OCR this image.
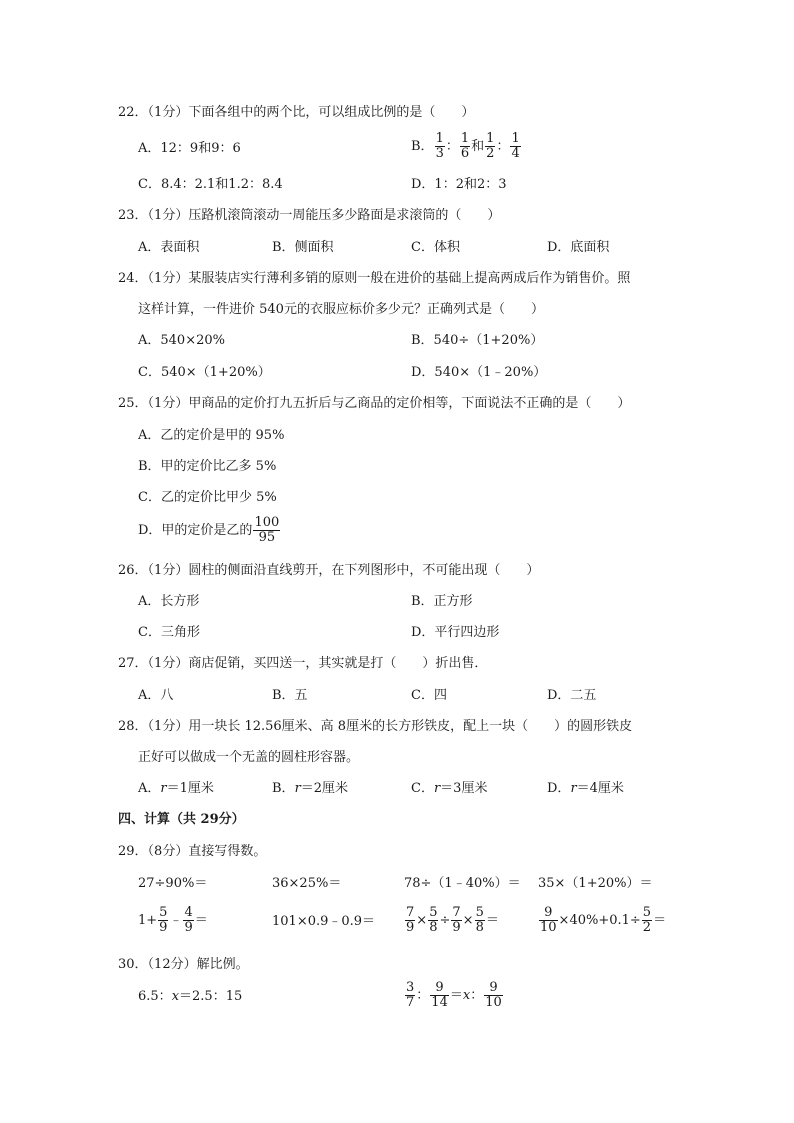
22．（1分）下面各组中的两个比，可以组成比例的是（　　）
A．12：9和9：6	B． $\frac{1}{3}$ ： $\frac{1}{6}$ 和 $\frac{1}{2}$ ： $\frac{1}{4}$
C．8.4：2.1和1.2：8.4	D．1：2和2：3
23．（1分）压路机滚筒滚动一周能压多少路面是求滚筒的（　　）
A．表面积	B．侧面积	C．体积	D．底面积
24．（1分）某服装店实行薄利多销的原则一般在进价的基础上提高两成后作为销售价。照
这样计算，一件进价 540元的衣服应标价多少元？正确列式是（　　）
A．540×20%	B．540÷（1+20%）
C．540×（1+20%）	D．540×（1﹣20%）
25．（1分）甲商品的定价打九五折后与乙商品的定价相等，下面说法不正确的是（　　）
A．乙的定价是甲的 95%
B．甲的定价比乙多 5%
C．乙的定价比甲少 5%
D．甲的定价是乙的 $\frac{100}{95}$
26．（1分）圆柱的侧面沿直线剪开，在下列图形中，不可能出现（　　）
A．长方形	B．正方形
C．三角形	D．平行四边形
27．（1分）商店促销，买四送一，其实就是打（　　）折出售．
A．八	B．五	C．四	D．二五
28．（1分）用一块长 12.56厘米、高 8厘米的长方形铁皮，配上一块（　　）的圆形铁皮
正好可以做成一个无盖的圆柱形容器。
A．r＝1厘米	B．r＝2厘米	C．r＝3厘米	D．r＝4厘米
四、计算（共 29分）
29．（8分）直接写得数。
27÷90%＝	36×25%＝	78÷（1﹣40%）＝ 35×（1+20%）＝
$1+ \frac{5}{9}$ ﹣ $\frac{4}{9}$ ＝	101×0.9﹣0.9＝ $\frac{7}{9} \times \frac{5}{8} \div \frac{7}{9} \times \frac{5}{8}$ ＝	$\frac{9}{10} \times 40\%+0.1\div \frac{5}{2}$ ＝
30．（12分）解比例。
6.5：x＝2.5：15	$\frac{3}{7}$ ： $\frac{9}{14} =x$： $\frac{9}{10}$
